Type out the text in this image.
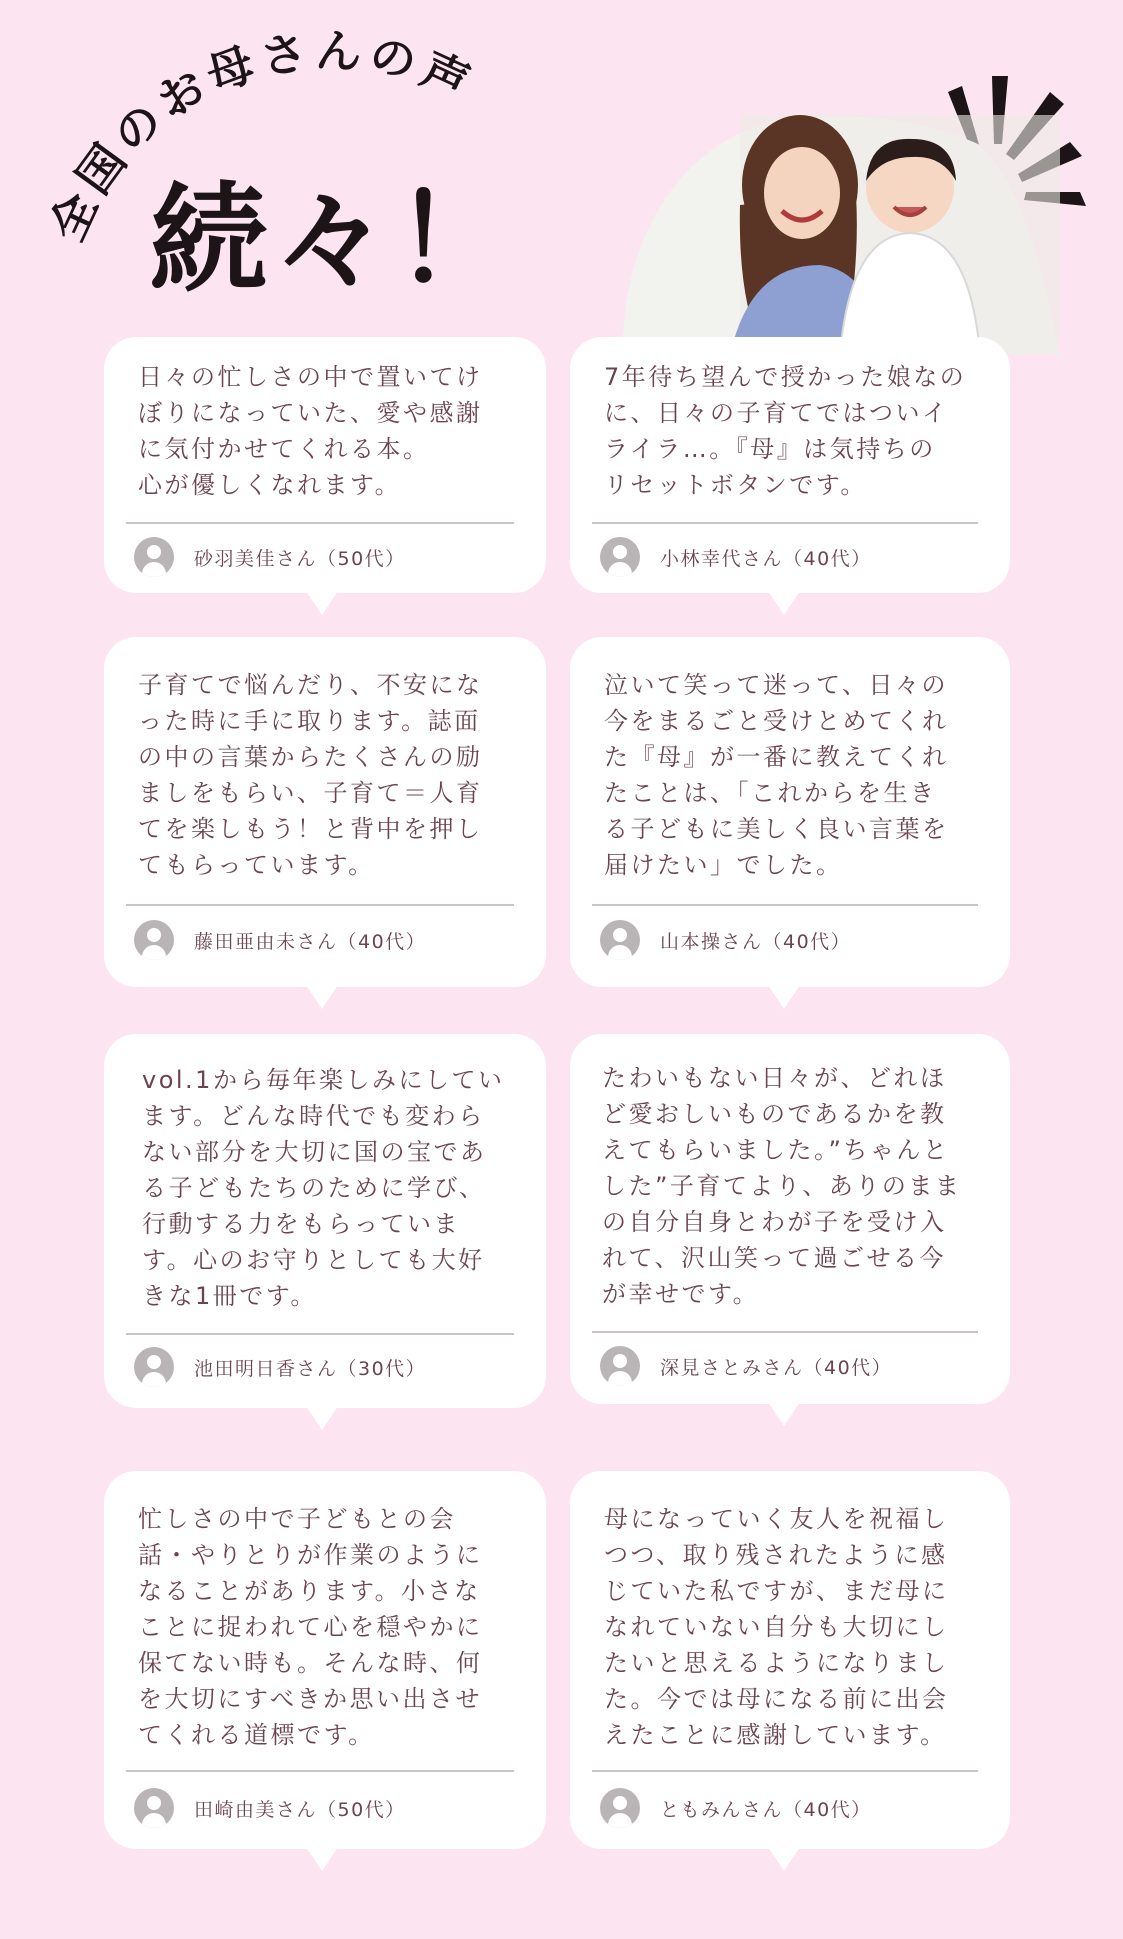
全国のお母さんの声
続々！
日々の忙しさの中で置いてけ
ぼりになっていた、愛や感謝
に気付かせてくれる本。
心が優しくなれます。
砂羽美佳さん（50代）
7年待ち望んで授かった娘なの
に、日々の子育てではついイ
ライラ…。『母』は気持ちの
リセットボタンです。
小林幸代さん（40代）
子育てで悩んだり、不安にな
った時に手に取ります。誌面
の中の言葉からたくさんの励
ましをもらい、子育て＝人育
てを楽しもう！と背中を押し
てもらっています。
藤田亜由未さん（40代）
泣いて笑って迷って、日々の
今をまるごと受けとめてくれ
た『母』が一番に教えてくれ
たことは、「これからを生き
る子どもに美しく良い言葉を
届けたい」でした。
山本操さん（40代）
vol.1から毎年楽しみにしてい
ます。どんな時代でも変わら
ない部分を大切に国の宝であ
る子どもたちのために学び、
行動する力をもらっていま
す。心のお守りとしても大好
きな1冊です。
池田明日香さん（30代）
たわいもない日々が、どれほ
ど愛おしいものであるかを教
えてもらいました。”ちゃんと
した”子育てより、ありのまま
の自分自身とわが子を受け入
れて、沢山笑って過ごせる今
が幸せです。
深見さとみさん（40代）
忙しさの中で子どもとの会
話・やりとりが作業のように
なることがあります。小さな
ことに捉われて心を穏やかに
保てない時も。そんな時、何
を大切にすべきか思い出させ
てくれる道標です。
田崎由美さん（50代）
母になっていく友人を祝福し
つつ、取り残されたように感
じていた私ですが、まだ母に
なれていない自分も大切にし
たいと思えるようになりまし
た。今では母になる前に出会
えたことに感謝しています。
ともみんさん（40代）
